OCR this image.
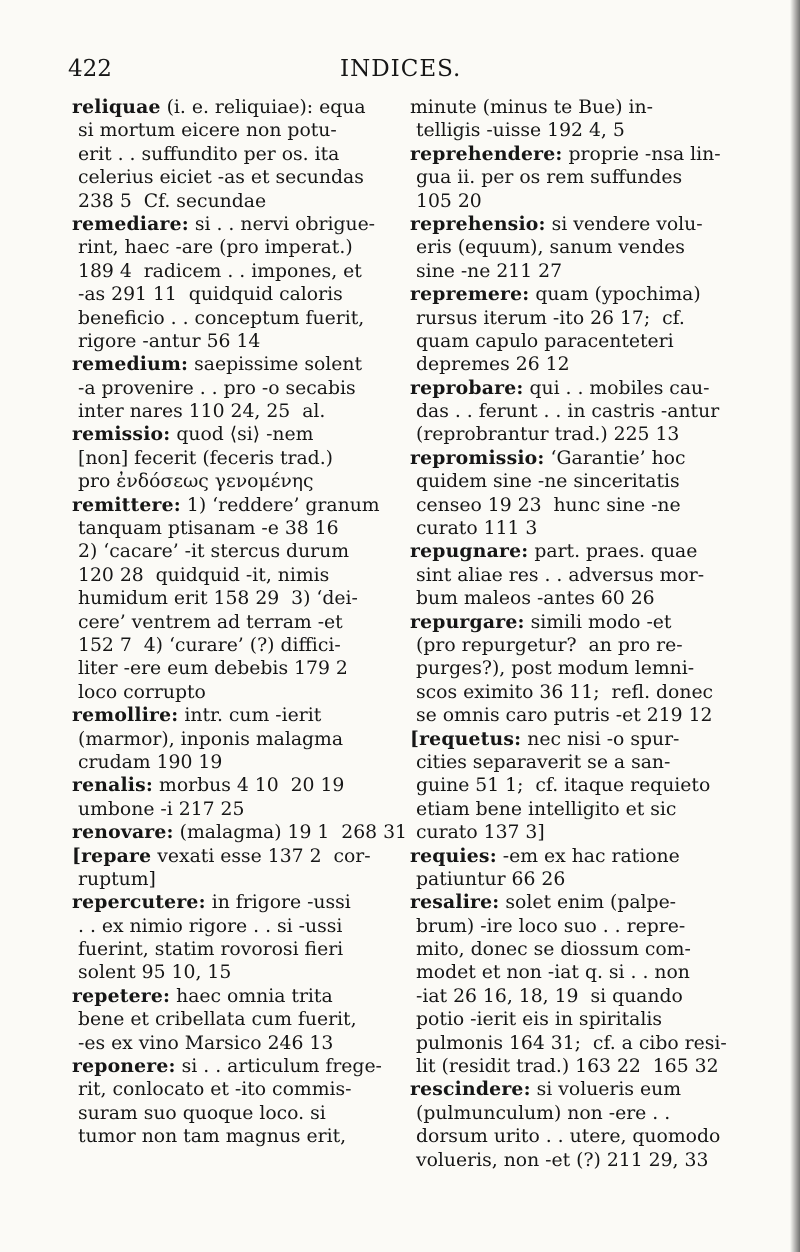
422	INDICES.
reliquae (i. e. reliquiae): equa
si mortum eicere non potu-
erit . . suffundito per os. ita
celerius eiciet -as et secundas
238 5  Cf. secundae
remediare: si . . nervi obrigue-
rint, haec -are (pro imperat.)
189 4  radicem . . impones, et
-as 291 11  quidquid caloris
beneficio . . conceptum fuerit,
rigore -antur 56 14
remedium: saepissime solent
-a provenire . . pro -o secabis
inter nares 110 24, 25  al.
remissio: quod ⟨si⟩ -nem
[non] fecerit (feceris trad.)
pro ἐνδόσεως γενομένης
remittere: 1) ‘reddere’ granum
tanquam ptisanam -e 38 16
2) ‘cacare’ -it stercus durum
120 28  quidquid -it, nimis
humidum erit 158 29  3) ‘dei-
cere’ ventrem ad terram -et
152 7  4) ‘curare’ (?) diffici-
liter -ere eum debebis 179 2
loco corrupto
remollire: intr. cum -ierit
(marmor), inponis malagma
crudam 190 19
renalis: morbus 4 10  20 19
umbone -i 217 25
renovare: (malagma) 19 1  268 31
[repare vexati esse 137 2  cor-
ruptum]
repercutere: in frigore -ussi
. . ex nimio rigore . . si -ussi
fuerint, statim rovorosi fieri
solent 95 10, 15
repetere: haec omnia trita
bene et cribellata cum fuerit,
-es ex vino Marsico 246 13
reponere: si . . articulum frege-
rit, conlocato et -ito commis-
suram suo quoque loco. si
tumor non tam magnus erit,
minute (minus te Bue) in-
telligis -uisse 192 4, 5
reprehendere: proprie -nsa lin-
gua ii. per os rem suffundes
105 20
reprehensio: si vendere volu-
eris (equum), sanum vendes
sine -ne 211 27
repremere: quam (ypochima)
rursus iterum -ito 26 17;  cf.
quam capulo paracenteteri
depremes 26 12
reprobare: qui . . mobiles cau-
das . . ferunt . . in castris -antur
(reprobrantur trad.) 225 13
repromissio: ‘Garantie’ hoc
quidem sine -ne sinceritatis
censeo 19 23  hunc sine -ne
curato 111 3
repugnare: part. praes. quae
sint aliae res . . adversus mor-
bum maleos -antes 60 26
repurgare: simili modo -et
(pro repurgetur?  an pro re-
purges?), post modum lemni-
scos eximito 36 11;  refl. donec
se omnis caro putris -et 219 12
[requetus: nec nisi -o spur-
cities separaverit se a san-
guine 51 1;  cf. itaque requieto
etiam bene intelligito et sic
curato 137 3]
requies: -em ex hac ratione
patiuntur 66 26
resalire: solet enim (palpe-
brum) -ire loco suo . . repre-
mito, donec se diossum com-
modet et non -iat q. si . . non
-iat 26 16, 18, 19  si quando
potio -ierit eis in spiritalis
pulmonis 164 31;  cf. a cibo resi-
lit (residit trad.) 163 22  165 32
rescindere: si volueris eum
(pulmunculum) non -ere . .
dorsum urito . . utere, quomodo
volueris, non -et (?) 211 29, 33
